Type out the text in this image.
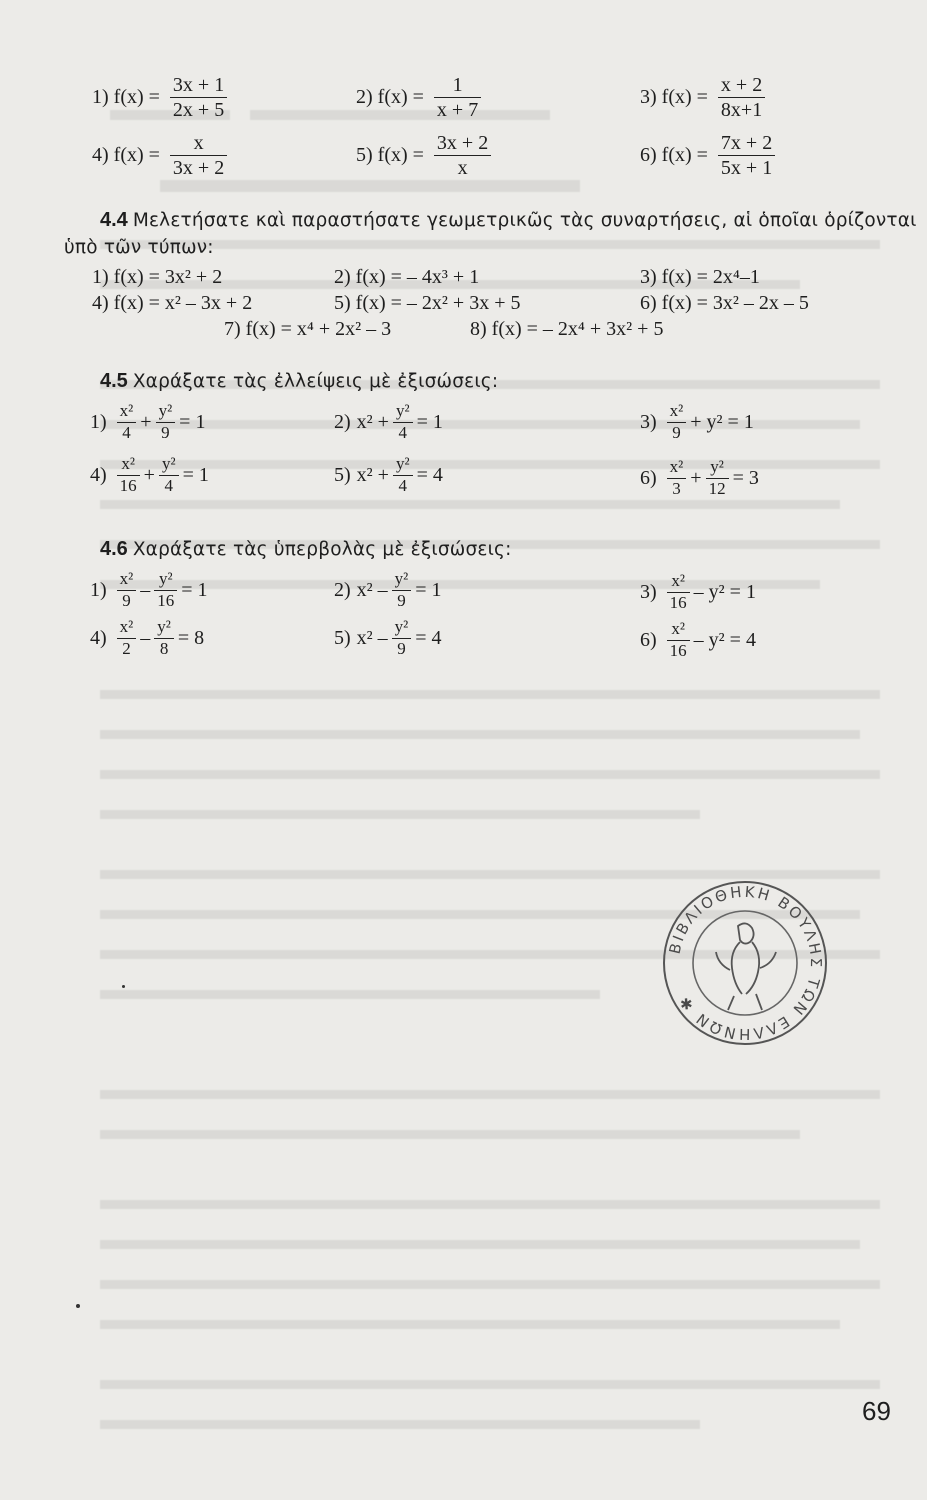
1) $f(x) = \frac{3x + 1}{2x + 5}$	2) $f(x) = \frac{1}{x + 7}$	3) $f(x) = \frac{x + 2}{8x+1}$
4) $f(x) = \frac{x}{3x + 2}$	5) $f(x) = \frac{3x + 2}{x}$	6) $f(x) = \frac{7x + 2}{5x + 1}$
4.4 Μελετήσατε καὶ παραστήσατε γεωμετρικῶς τὰς συναρτήσεις, αἱ ὁποῖαι ὁρίζονται
ὑπὸ τῶν τύπων:
1) f(x) = 3x² + 2	2) f(x) = – 4x³ + 1	3) f(x) = 2x⁴–1
4) f(x) = x² – 3x + 2	5) f(x) = – 2x² + 3x + 5	6) f(x) = 3x² – 2x – 5
7) f(x) = x⁴ + 2x² – 3	8) f(x) = – 2x⁴ + 3x² + 5
4.5 Χαράξατε τὰς ἐλλείψεις μὲ ἐξισώσεις:
$1) \frac{\text{x²}}{4} + \frac{\text{y²}}{9} = 1$	2) $x^2 + \frac{\text{y²}}{4} = 1$	$3) \frac{\text{x²}}{9} + y^2 = 1$
$4) \frac{\text{x²}}{16} + \frac{\text{y²}}{4} = 1$	5) $x^2 + \frac{\text{y²}}{4} = 4$	$6) \frac{\text{x²}}{3} + \frac{\text{y²}}{12} = 3$
4.6 Χαράξατε τὰς ὑπερβολὰς μὲ ἐξισώσεις:
$1) \frac{\text{x²}}{9} - \frac{\text{y²}}{16} = 1$	2) $x^2 - \frac{\text{y²}}{9} = 1$	$3) \frac{\text{x²}}{16} - y^2 = 1$
$4) \frac{\text{x²}}{2} - \frac{\text{y²}}{8} = 8$	5) $x^2 - \frac{\text{y²}}{9} = 4$	$6) \frac{\text{x²}}{16} - y^2 = 4$
ΒΙΒΛΙΟΘΗΚΗ ΒΟΥΛΗΣ ΤΩΝ ΕΛΛΗΝΩΝ ✱
69
